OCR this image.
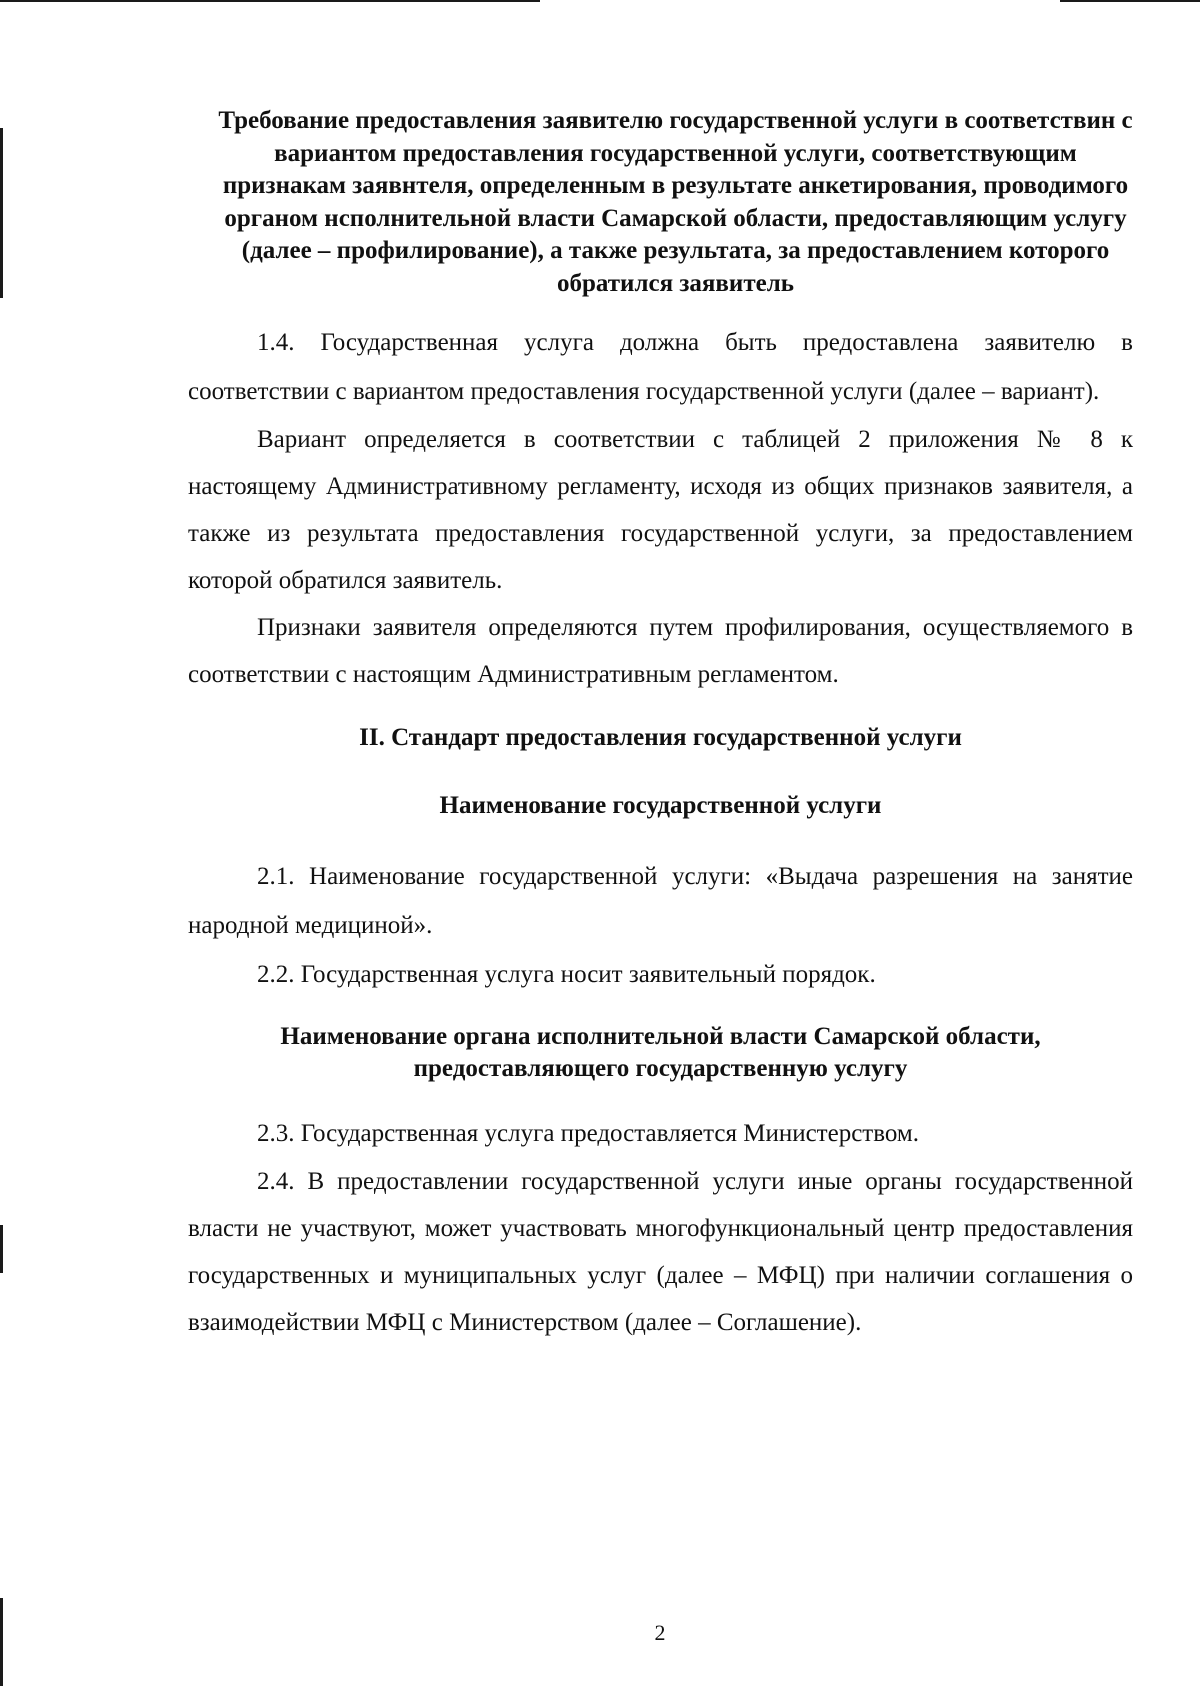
Требование предоставления заявителю государственной услуги в соответствин с вариантом предоставления государственной услуги, соответствующим признакам заявнтеля, определенным в результате анкетирования, проводимого органом нсполнительной власти Самарской области, предоставляющим услугу (далее – профилирование), а также результата, за предоставлением которого обратился заявитель

1.4. Государственная услуга должна быть предоставлена заявителю в соответствии с вариантом предоставления государственной услуги (далее – вариант).

Вариант определяется в соответствии с таблицей 2 приложения № 8 к настоящему Административному регламенту, исходя из общих признаков заявителя, а также из результата предоставления государственной услуги, за предоставлением которой обратился заявитель.

Признаки заявителя определяются путем профилирования, осуществляемого в соответствии с настоящим Административным регламентом.

II. Стандарт предоставления государственной услуги

Наименование государственной услуги

2.1. Наименование государственной услуги: «Выдача разрешения на занятие народной медициной».

2.2. Государственная услуга носит заявительный порядок.

Наименование органа исполнительной власти Самарской области, предоставляющего государственную услугу

2.3. Государственная услуга предоставляется Министерством.

2.4. В предоставлении государственной услуги иные органы государственной власти не участвуют, может участвовать многофункциональный центр предоставления государственных и муниципальных услуг (далее – МФЦ) при наличии соглашения о взаимодействии МФЦ с Министерством (далее – Соглашение).

2
